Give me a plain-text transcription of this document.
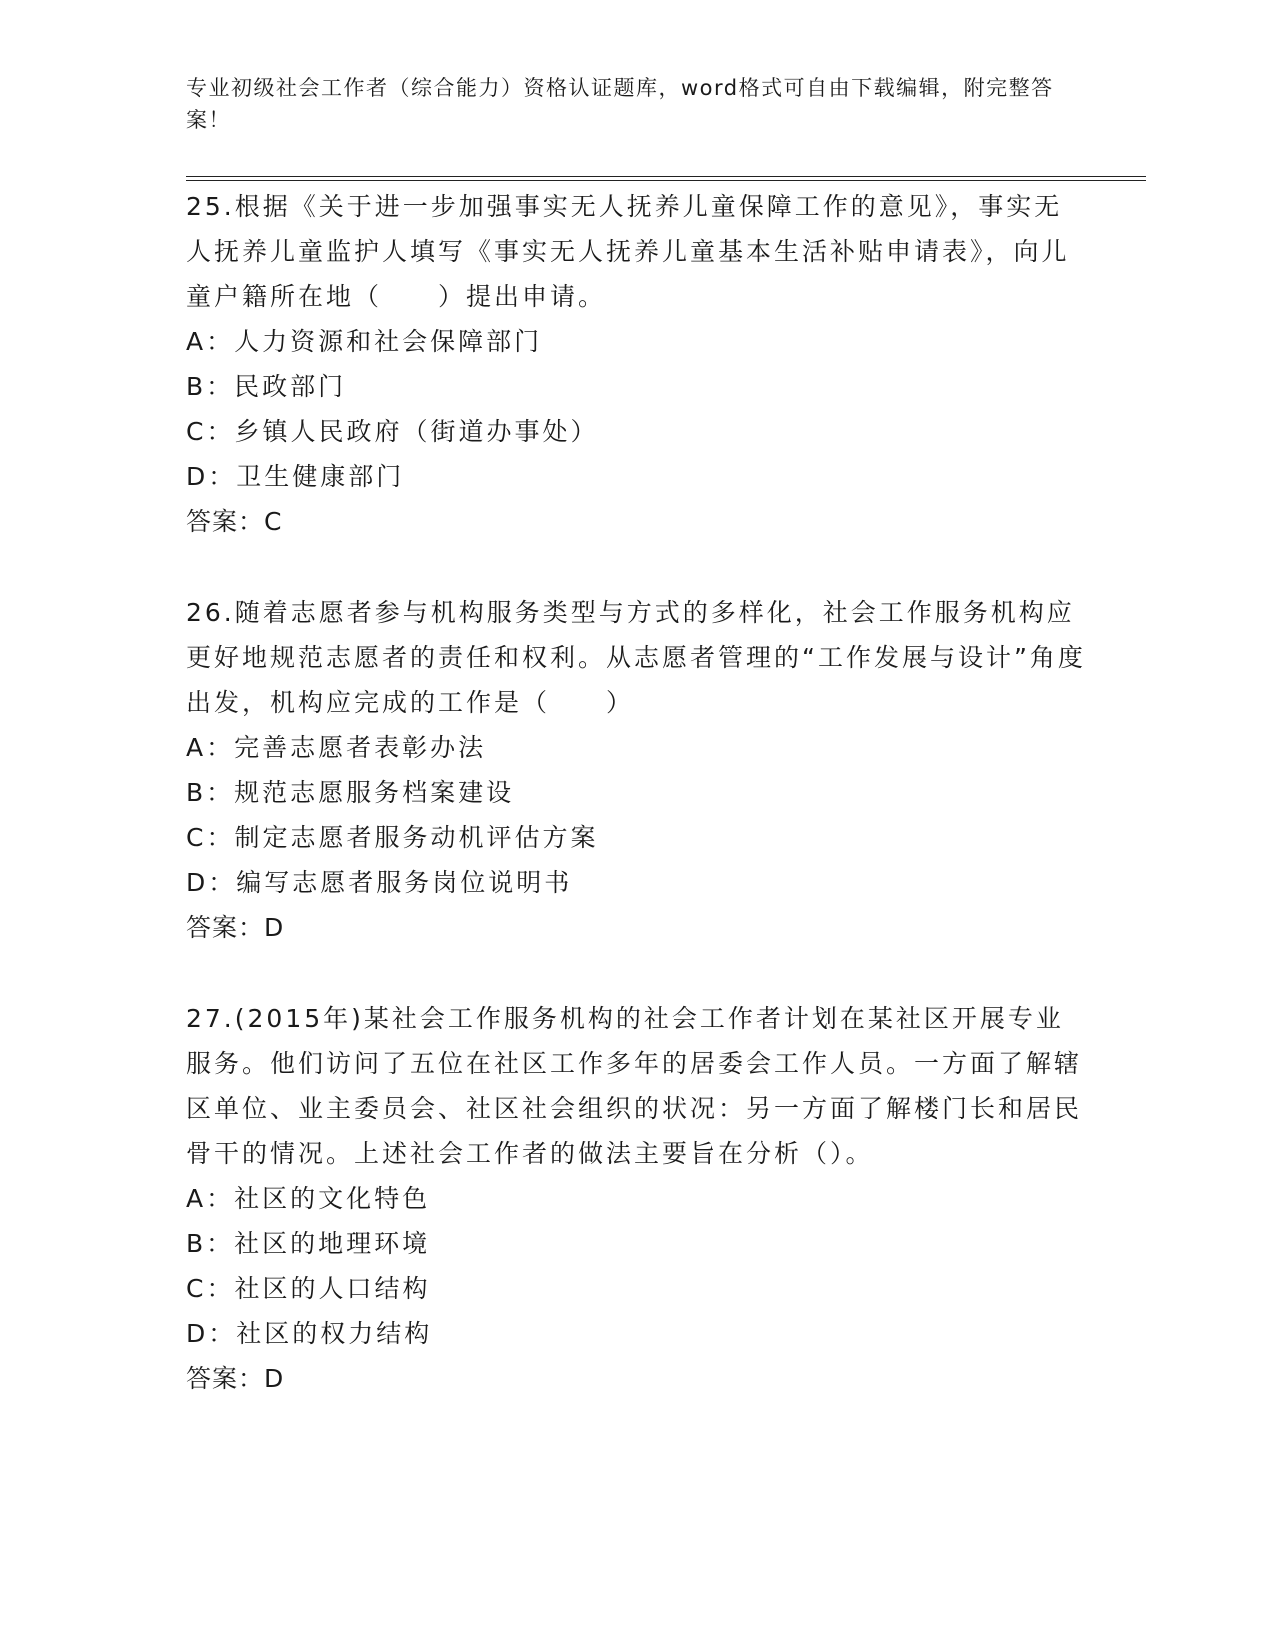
专业初级社会工作者（综合能力）资格认证题库，word格式可自由下载编辑，附完整答案！
25.根据《关于进一步加强事实无人抚养儿童保障工作的意见》，事实无人抚养儿童监护人填写《事实无人抚养儿童基本生活补贴申请表》，向儿童户籍所在地（　　）提出申请。
A：人力资源和社会保障部门
B：民政部门
C：乡镇人民政府（街道办事处）
D：卫生健康部门
答案：C
26.随着志愿者参与机构服务类型与方式的多样化，社会工作服务机构应更好地规范志愿者的责任和权利。从志愿者管理的“工作发展与设计”角度出发，机构应完成的工作是（　　）
A：完善志愿者表彰办法
B：规范志愿服务档案建设
C：制定志愿者服务动机评估方案
D：编写志愿者服务岗位说明书
答案：D
27.(2015年)某社会工作服务机构的社会工作者计划在某社区开展专业服务。他们访问了五位在社区工作多年的居委会工作人员。一方面了解辖区单位、业主委员会、社区社会组织的状况：另一方面了解楼门长和居民骨干的情况。上述社会工作者的做法主要旨在分析（）。
A：社区的文化特色
B：社区的地理环境
C：社区的人口结构
D：社区的权力结构
答案：D
